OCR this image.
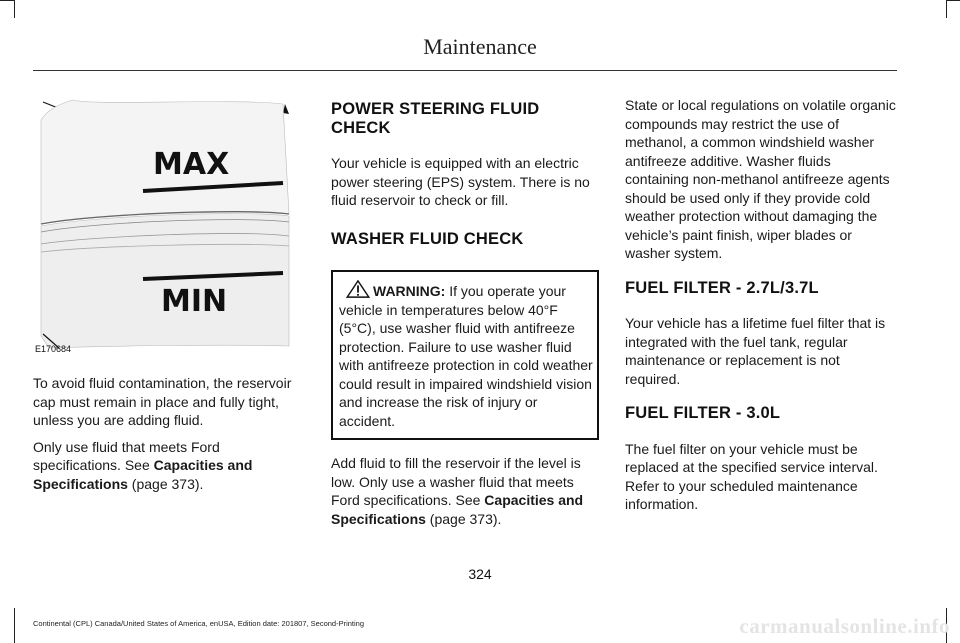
Maintenance
MAX
MIN
E170684

To avoid fluid contamination, the reservoir cap must remain in place and fully tight, unless you are adding fluid.

Only use fluid that meets Ford specifications. See Capacities and Specifications (page 373).

POWER STEERING FLUID CHECK

Your vehicle is equipped with an electric power steering (EPS) system. There is no fluid reservoir to check or fill.

WASHER FLUID CHECK
WARNING: If you operate your vehicle in temperatures below 40°F (5°C), use washer fluid with antifreeze protection. Failure to use washer fluid with antifreeze protection in cold weather could result in impaired windshield vision and increase the risk of injury or accident.

Add fluid to fill the reservoir if the level is low. Only use a washer fluid that meets Ford specifications. See Capacities and Specifications (page 373).

State or local regulations on volatile organic compounds may restrict the use of methanol, a common windshield washer antifreeze additive. Washer fluids containing non-methanol antifreeze agents should be used only if they provide cold weather protection without damaging the vehicle’s paint finish, wiper blades or washer system.

FUEL FILTER - 2.7L/3.7L

Your vehicle has a lifetime fuel filter that is integrated with the fuel tank, regular maintenance or replacement is not required.

FUEL FILTER - 3.0L

The fuel filter on your vehicle must be replaced at the specified service interval. Refer to your scheduled maintenance information.

324
Continental (CPL) Canada/United States of America, enUSA, Edition date: 201807, Second-Printing	carmanualsonline.info
